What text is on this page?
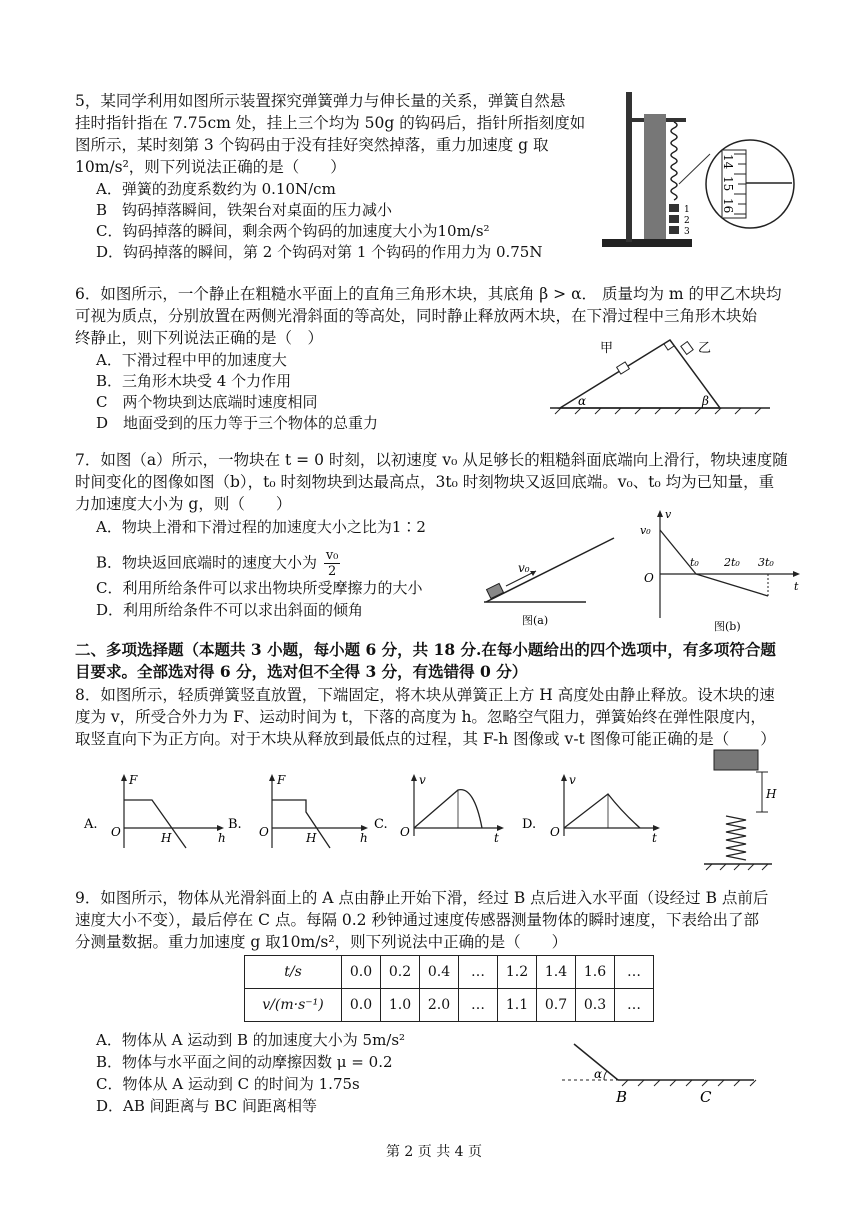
5，某同学利用如图所示装置探究弹簧弹力与伸长量的关系，弹簧自然悬
挂时指针指在 7.75cm 处，挂上三个均为 50g 的钩码后，指针所指刻度如
图所示，某时刻第 3 个钩码由于没有挂好突然掉落，重力加速度 g 取
10m/s²，则下列说法正确的是（　　）
A．弹簧的劲度系数约为 0.10N/cm
B　钩码掉落瞬间，铁架台对桌面的压力减小
C．钩码掉落的瞬间，剩余两个钩码的加速度大小为10m/s²
D．钩码掉落的瞬间，第 2 个钩码对第 1 个钩码的作用力为 0.75N
1
2
3
14
15
16
6．如图所示，一个静止在粗糙水平面上的直角三角形木块，其底角 β > α． 质量均为 m 的甲乙木块均
可视为质点，分别放置在两侧光滑斜面的等高处，同时静止释放两木块，在下滑过程中三角形木块始
终静止，则下列说法正确的是（　）
A．下滑过程中甲的加速度大
B．三角形木块受 4 个力作用
C　两个物块到达底端时速度相同
D　地面受到的压力等于三个物体的总重力
甲	乙
α	β
7．如图（a）所示，一物块在 t = 0 时刻，以初速度 v₀ 从足够长的粗糙斜面底端向上滑行，物块速度随
时间变化的图像如图（b），t₀ 时刻物块到达最高点，3t₀ 时刻物块又返回底端。v₀、t₀ 均为已知量，重
力加速度大小为 g，则（　　）
A．物块上滑和下滑过程的加速度大小之比为1∶2
B．物块返回底端时的速度大小为 $\frac{\text{v₀}}{2}$
C．利用所给条件可以求出物块所受摩擦力的大小
D．利用所给条件不可以求出斜面的倾角
v₀
图(a)
v
v₀
O
t₀ 2t₀ 3t₀
t
图(b)
二、多项选择题（本题共 3 小题，每小题 6 分，共 18 分.在每小题给出的四个选项中，有多项符合题
目要求。全部选对得 6 分，选对但不全得 3 分，有选错得 0 分）
8．如图所示，轻质弹簧竖直放置，下端固定，将木块从弹簧正上方 H 高度处由静止释放。设木块的速
度为 v，所受合外力为 F、运动时间为 t，下落的高度为 h。忽略空气阻力，弹簧始终在弹性限度内，
取竖直向下为正方向。对于木块从释放到最低点的过程，其 F-h 图像或 v-t 图像可能正确的是（　　）
A.
F
O	H	h
B.
F
O	H	h
C.
v
O	t
D.
v
O	t
H
9．如图所示，物体从光滑斜面上的 A 点由静止开始下滑，经过 B 点后进入水平面（设经过 B 点前后
速度大小不变），最后停在 C 点。每隔 0.2 秒钟通过速度传感器测量物体的瞬时速度，下表给出了部
分测量数据。重力加速度 g 取10m/s²，则下列说法中正确的是（　　）
t/s	0.0	0.2	0.4	…	1.2	1.4	1.6	…
v/(m·s⁻¹)	0.0	1.0	2.0	…	1.1	0.7	0.3	…
A．物体从 A 运动到 B 的加速度大小为 5m/s²
B．物体与水平面之间的动摩擦因数 μ = 0.2
C．物体从 A 运动到 C 的时间为 1.75s
D．AB 间距离与 BC 间距离相等
α
B	C
第 2 页 共 4 页
